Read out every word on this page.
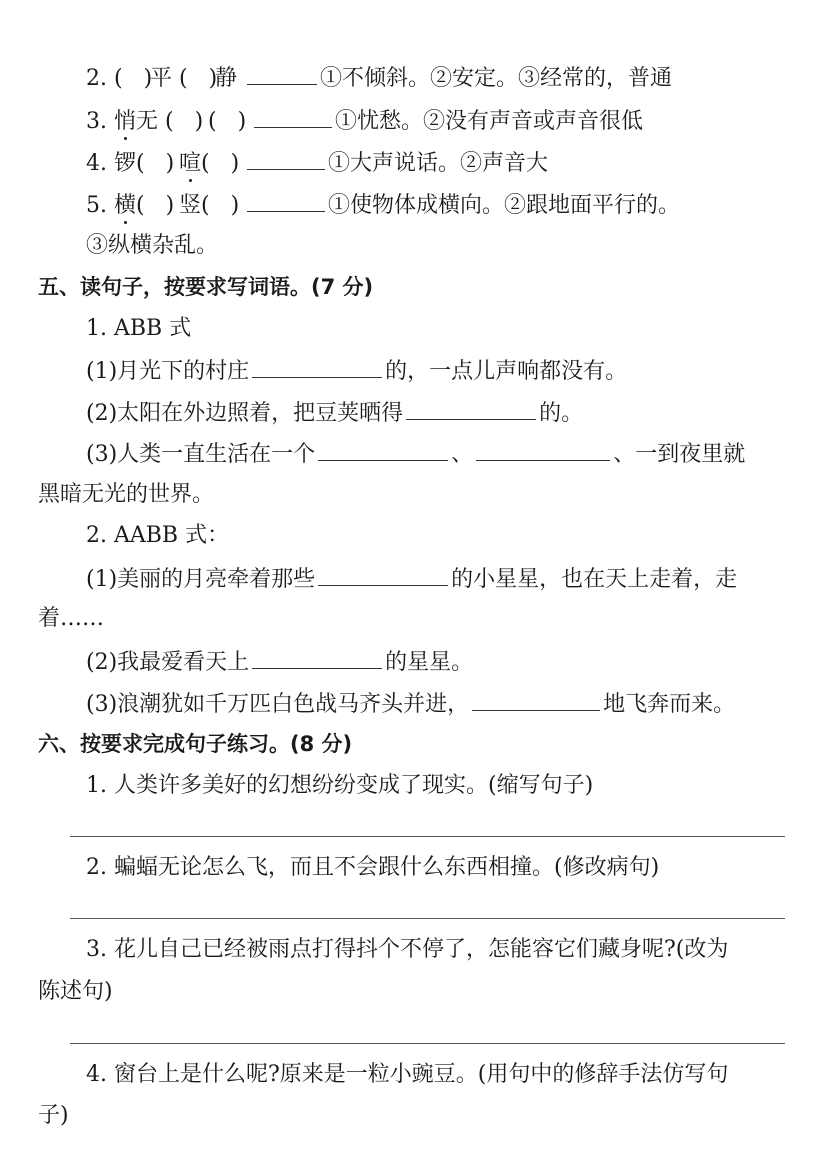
2. (   )平 (   )静	①不倾斜。②安定。③经常的，普通
3. 悄无 (   ) (   )	①忧愁。②没有声音或声音很低
4. 锣(   ) 喧(   )	①大声说话。②声音大
5. 横(   ) 竖(   )	①使物体成横向。②跟地面平行的。
③纵横杂乱。
五、读句子，按要求写词语。(7 分)
1. ABB 式
(1)月光下的村庄	的，一点儿声响都没有。
(2)太阳在外边照着，把豆荚晒得	的。
(3)人类一直生活在一个	、	、一到夜里就
黑暗无光的世界。
2. AABB 式：
(1)美丽的月亮牵着那些	的小星星，也在天上走着，走
着……
(2)我最爱看天上	的星星。
(3)浪潮犹如千万匹白色战马齐头并进，	地飞奔而来。
六、按要求完成句子练习。(8 分)
1. 人类许多美好的幻想纷纷变成了现实。(缩写句子)
2. 蝙蝠无论怎么飞，而且不会跟什么东西相撞。(修改病句)
3. 花儿自己已经被雨点打得抖个不停了，怎能容它们藏身呢?(改为
陈述句)
4. 窗台上是什么呢?原来是一粒小豌豆。(用句中的修辞手法仿写句
子)
